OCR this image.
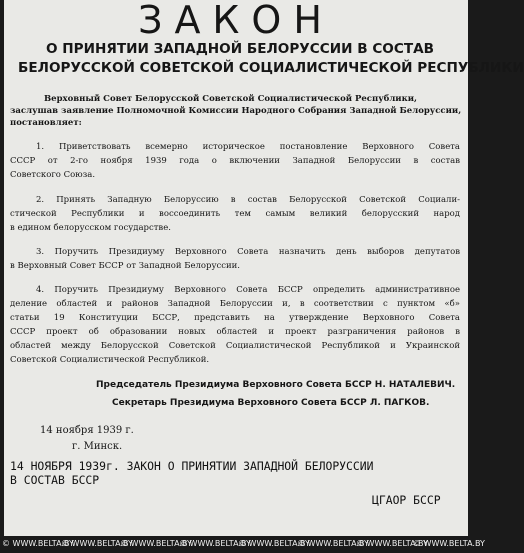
ЗАКОН
О ПРИНЯТИИ ЗАПАДНОЙ БЕЛОРУССИИ В СОСТАВ
БЕЛОРУССКОЙ СОВЕТСКОЙ СОЦИАЛИСТИЧЕСКОЙ РЕСПУБЛИКИ
Верховный Совет Белорусской Советской Социалистической Республики,
заслушав заявление Полномочной Комиссии Народного Собрания Западной Белоруссии,
постановляет:
1. Приветствовать всемерно историческое постановление Верховного Совета
СССР от 2-го ноября 1939 года о включении Западной Белоруссии в состав
Советского Союза.
2. Принять Западную Белоруссию в состав Белорусской Советской Социали-
стической Республики и воссоединить тем самым великий белорусский народ
в едином белорусском государстве.
3. Поручить Президиуму Верховного Совета назначить день выборов депутатов
в Верховный Совет БССР от Западной Белоруссии.
4. Поручить Президиуму Верховного Совета БССР определить административное
деление областей и районов Западной Белоруссии и, в соответствии с пунктом «б»
статьи 19 Конституции БССР, представить на утверждение Верховного Совета
СССР проект об образовании новых областей и проект разграничения районов в
областей между Белорусской Советской Социалистической Республикой и Украинской
Советской Социалистической Республикой.
Председатель Президиума Верховного Совета БССР Н. НАТАЛЕВИЧ.
Секретарь Президиума Верховного Совета БССР Л. ПАГКОВ.
14 ноября 1939 г.
г. Минск.
14 НОЯБРЯ 1939г. ЗАКОН О ПРИНЯТИИ ЗАПАДНОЙ БЕЛОРУССИИ
В СОСТАВ БССР
ЦГАОР БССР
© WWW.BELTA.BY
© WWW.BELTA.BY
© WWW.BELTA.BY
© WWW.BELTA.BY
© WWW.BELTA.BY
© WWW.BELTA.BY
© WWW.BELTA.BY
© WWW.BELTA.BY
